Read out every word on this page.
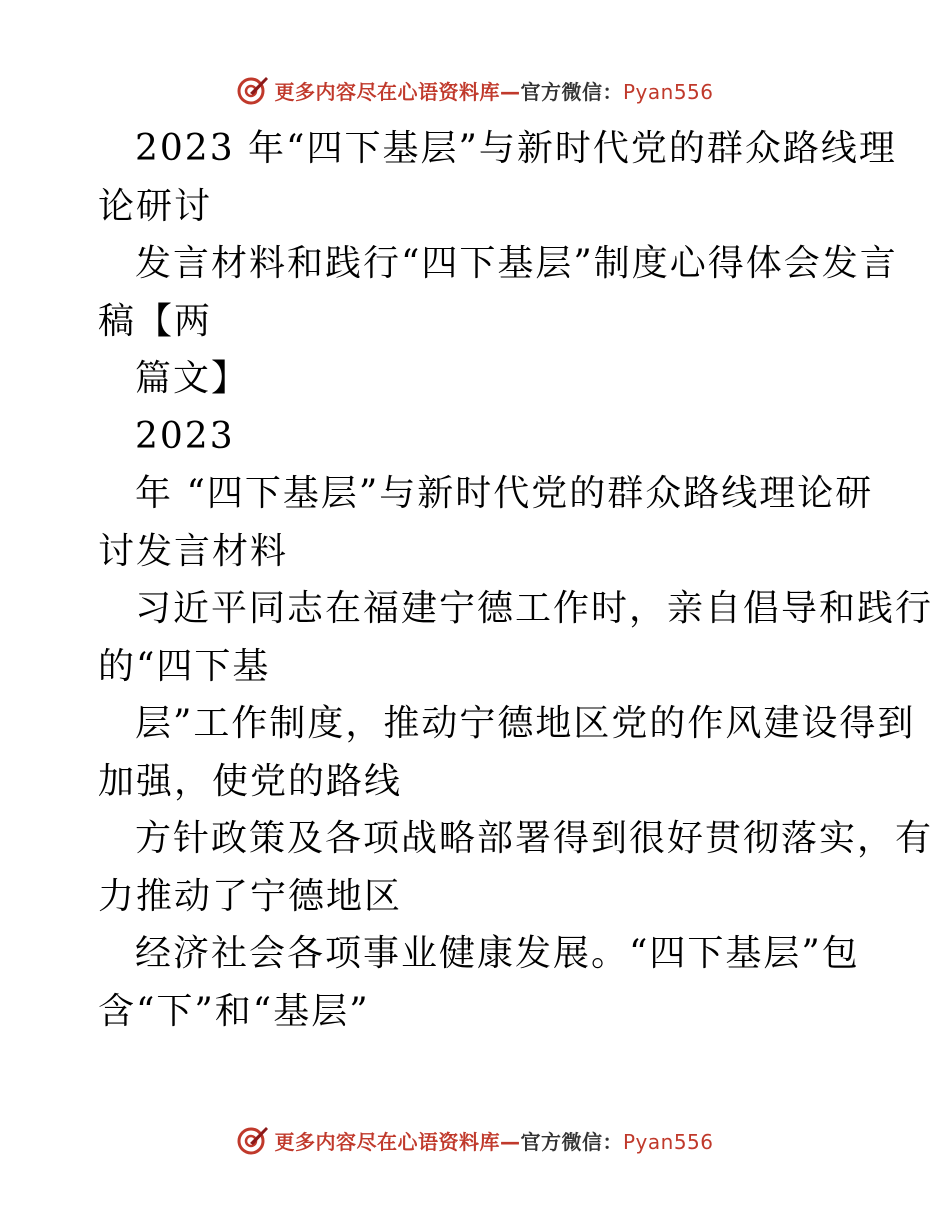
更多内容尽在心语资料库—官方微信：Pyan556
2023 年“四下基层”与新时代党的群众路线理
论研讨
发言材料和践行“四下基层”制度心得体会发言
稿【两
篇文】
2023
年 “四下基层”与新时代党的群众路线理论研
讨发言材料
习近平同志在福建宁德工作时，亲自倡导和践行
的“四下基
层”工作制度，推动宁德地区党的作风建设得到
加强，使党的路线
方针政策及各项战略部署得到很好贯彻落实，有
力推动了宁德地区
经济社会各项事业健康发展。“四下基层”包
含“下”和“基层”
更多内容尽在心语资料库—官方微信：Pyan556
